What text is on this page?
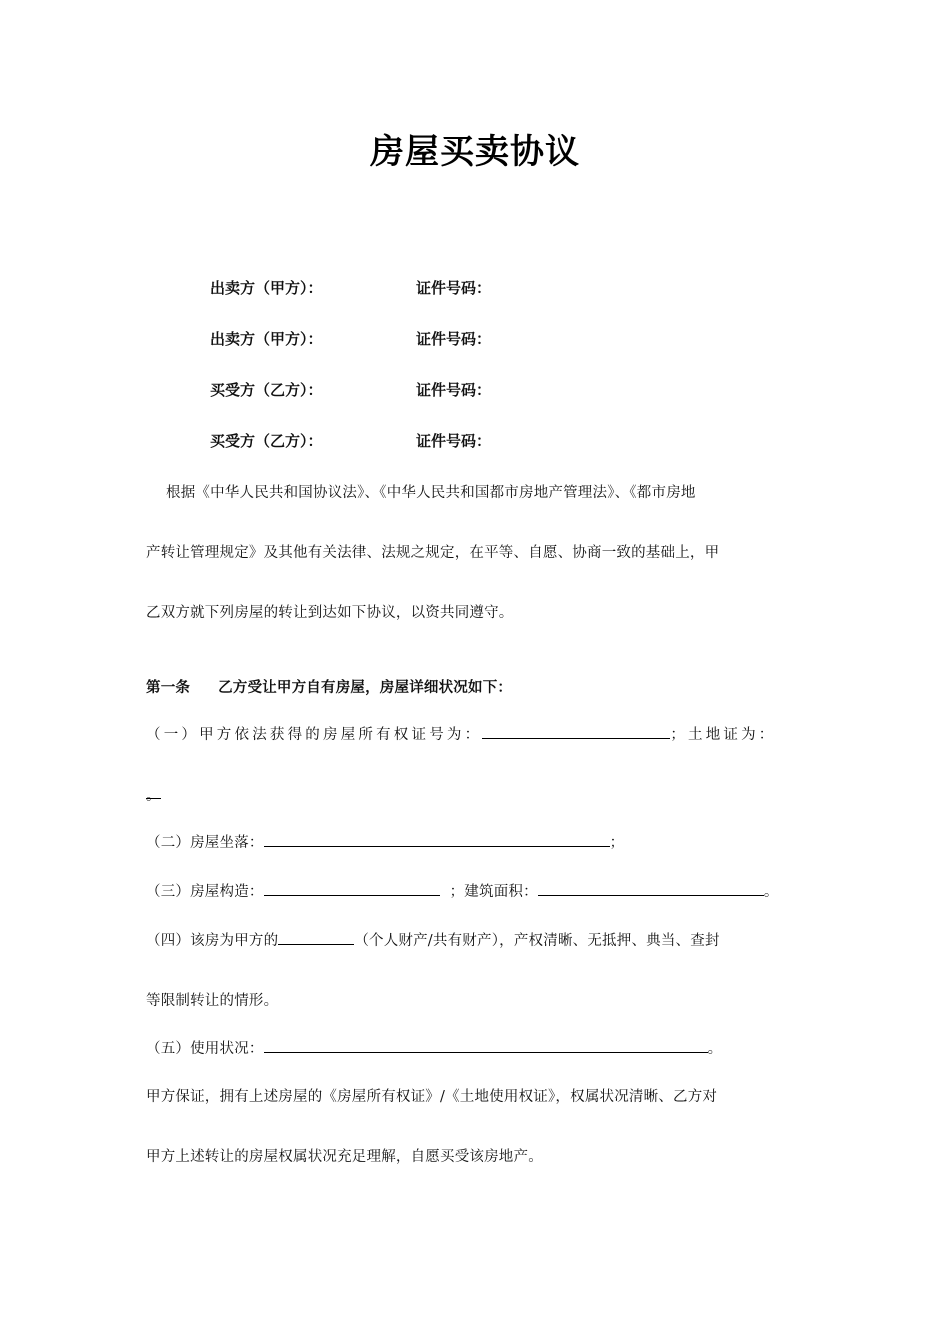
房屋买卖协议
出卖方（甲方）：	证件号码：
出卖方（甲方）：	证件号码：
买受方（乙方）：	证件号码：
买受方（乙方）：	证件号码：
根据《中华人民共和国协议法》、《中华人民共和国都市房地产管理法》、《都市房地
产转让管理规定》及其他有关法律、法规之规定，在平等、自愿、协商一致的基础上，甲
乙双方就下列房屋的转让到达如下协议，以资共同遵守。
第一条 乙方受让甲方自有房屋，房屋详细状况如下：
（一）甲方依法获得的房屋所有权证号为：	；土地证为：
。
（二）房屋坐落：	；
（三）房屋构造：	；建筑面积：	。
（四）该房为甲方的	（个人财产/共有财产），产权清晰、无抵押、典当、查封
等限制转让的情形。
（五）使用状况：	。
甲方保证，拥有上述房屋的《房屋所有权证》/《土地使用权证》，权属状况清晰、乙方对
甲方上述转让的房屋权属状况充足理解，自愿买受该房地产。
